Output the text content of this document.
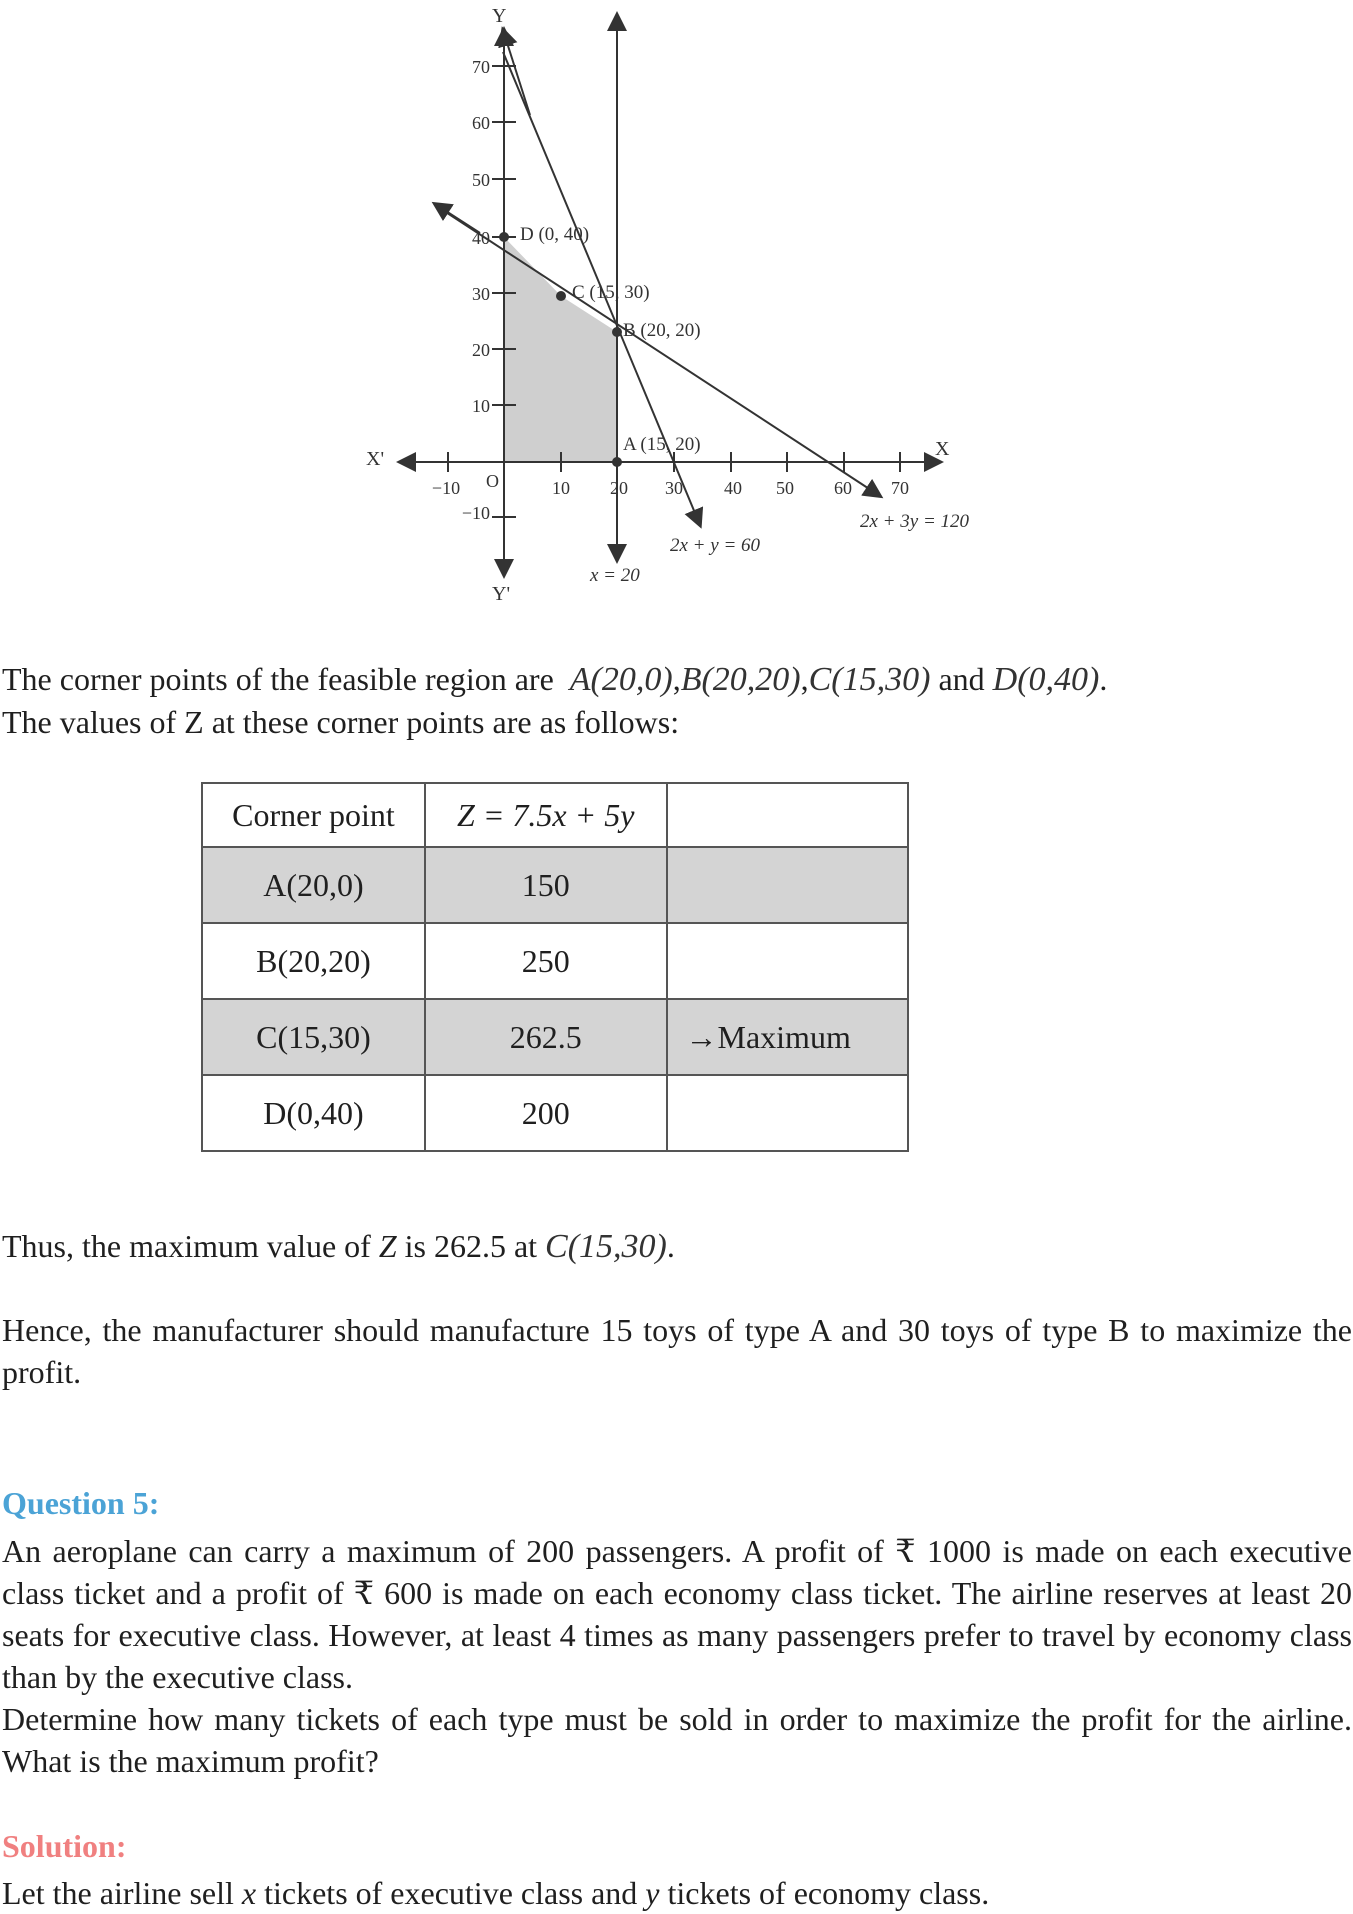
Y
Y'
X
X'
O
−10	10 20 30 40 50 60 70
70
60
50
40
30
20
10
−10
D (0, 40)
C (15, 30)
B (20, 20)
A (15, 20)
2x + 3y = 120
2x + y = 60
x = 20

The corner points of the feasible region are A(20,0),B(20,20),C(15,30) and D(0,40).
The values of Z at these corner points are as follows:

Corner point	Z = 7.5x + 5y	
A(20,0)	150	
B(20,20)	250	
C(15,30)	262.5	→Maximum
D(0,40)	200	

Thus, the maximum value of Z is 262.5 at C(15,30).

Hence, the manufacturer should manufacture 15 toys of type A and 30 toys of type B to maximize the profit.

Question 5:

An aeroplane can carry a maximum of 200 passengers. A profit of ₹ 1000 is made on each executive class ticket and a profit of ₹ 600 is made on each economy class ticket. The airline reserves at least 20 seats for executive class. However, at least 4 times as many passengers prefer to travel by economy class than by the executive class.

Determine how many tickets of each type must be sold in order to maximize the profit for the airline. What is the maximum profit?

Solution:

Let the airline sell x tickets of executive class and y tickets of economy class.
